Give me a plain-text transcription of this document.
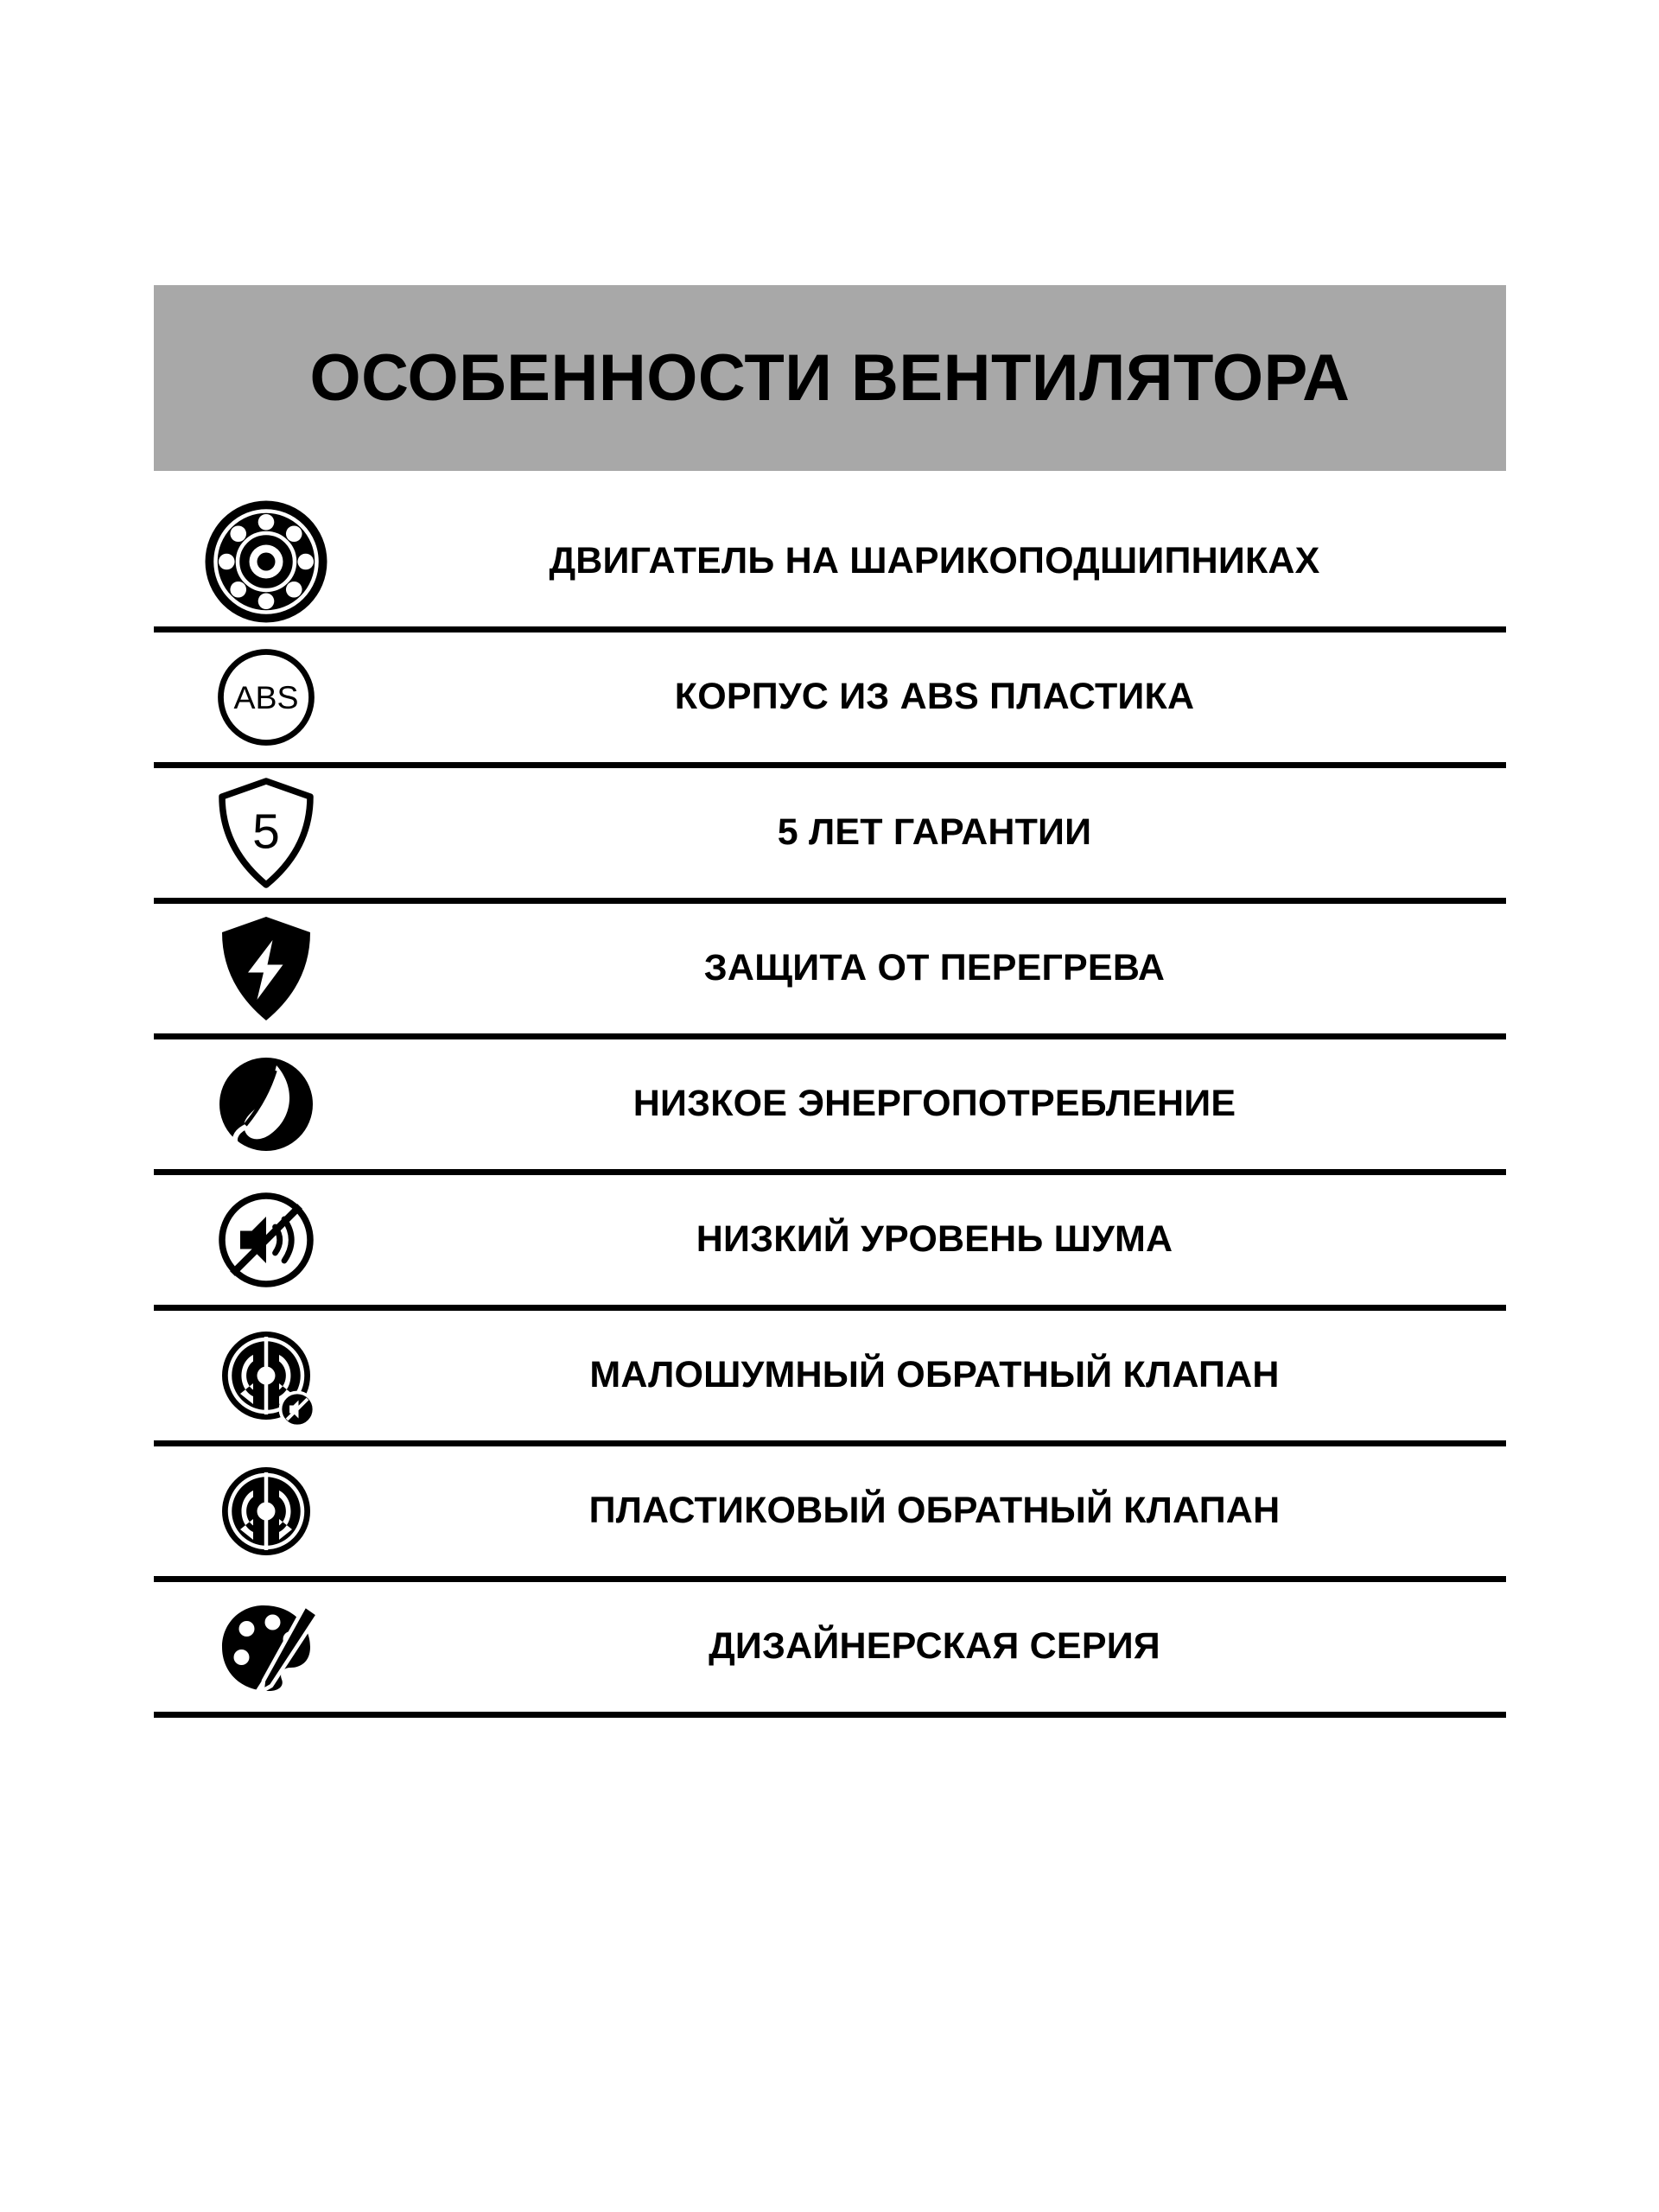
ОСОБЕННОСТИ ВЕНТИЛЯТОРА
ДВИГАТЕЛЬ НА ШАРИКОПОДШИПНИКАХ
ABS	КОРПУС ИЗ ABS ПЛАСТИКА
5	5 ЛЕТ ГАРАНТИИ
ЗАЩИТА ОТ ПЕРЕГРЕВА
НИЗКОЕ ЭНЕРГОПОТРЕБЛЕНИЕ
НИЗКИЙ УРОВЕНЬ ШУМА
МАЛОШУМНЫЙ ОБРАТНЫЙ КЛАПАН
ПЛАСТИКОВЫЙ ОБРАТНЫЙ КЛАПАН
ДИЗАЙНЕРСКАЯ СЕРИЯ
